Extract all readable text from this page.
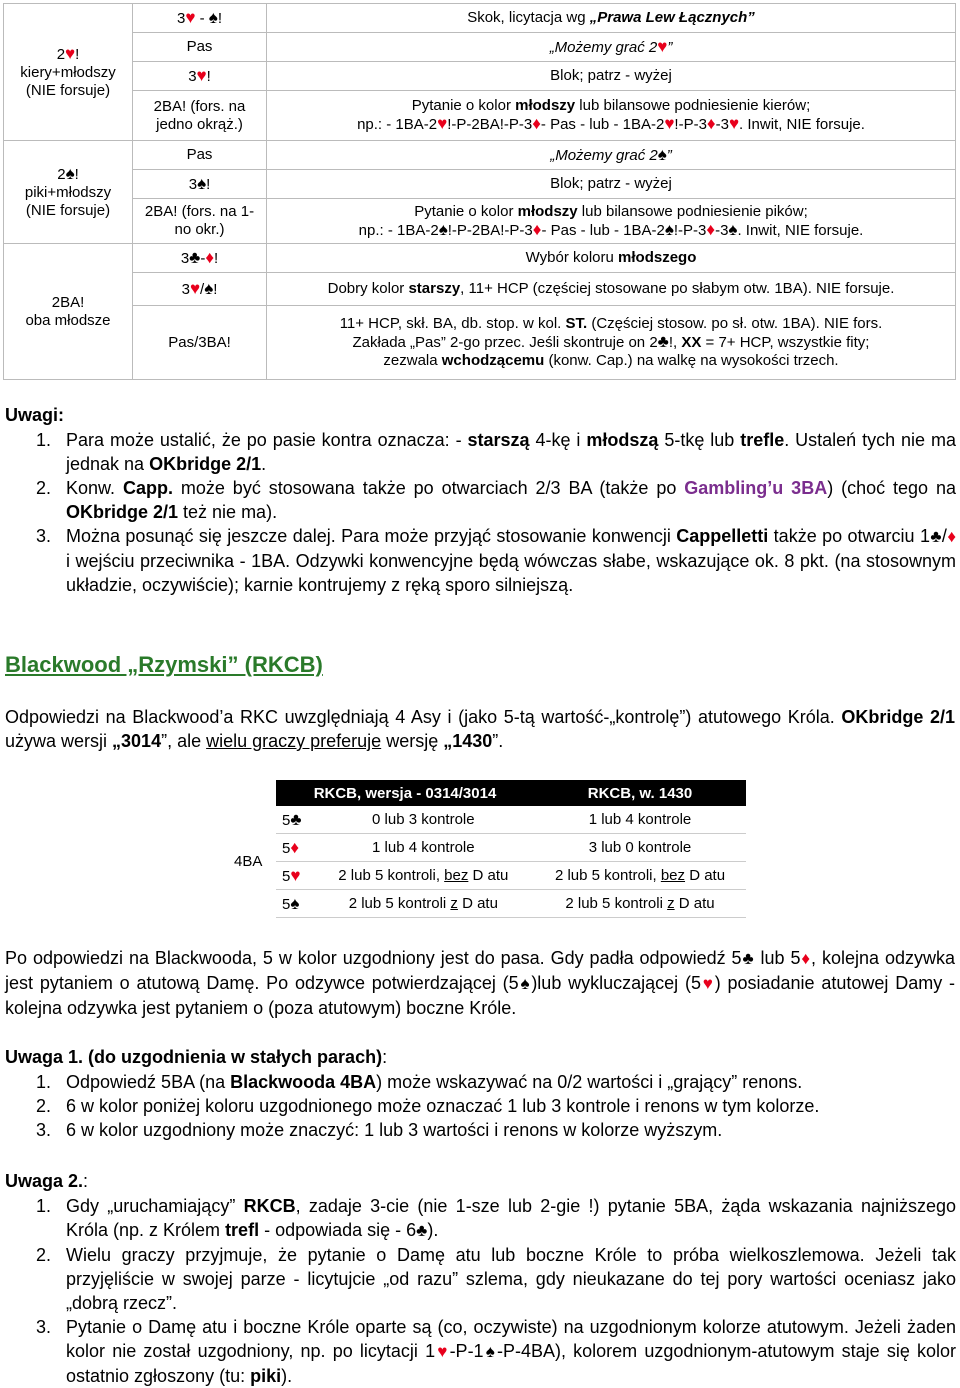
2♥!
kiery+młodszy
(NIE forsuje)	3♥ - ♠!	Skok, licytacja wg „Prawa Lew Łącznych”
	Pas	„Możemy grać 2♥”
	3♥!	Blok; patrz - wyżej
	2BA! (fors. na jedno okrąż.)	Pytanie o kolor młodszy lub bilansowe podniesienie kierów;
np.: - 1BA-2♥!-P-2BA!-P-3♦- Pas - lub - 1BA-2♥!-P-3♦-3♥. Inwit, NIE forsuje.
2♠!
piki+młodszy
(NIE forsuje)	Pas	„Możemy grać 2♠”
	3♠!	Blok; patrz - wyżej
	2BA! (fors. na 1-no okr.)	Pytanie o kolor młodszy lub bilansowe podniesienie pików;
np.: - 1BA-2♠!-P-2BA!-P-3♦- Pas - lub - 1BA-2♠!-P-3♦-3♠. Inwit, NIE forsuje.
2BA!
oba młodsze	3♣-♦!	Wybór koloru młodszego
	3♥/♠!	Dobry kolor starszy, 11+ HCP (częściej stosowane po słabym otw. 1BA). NIE forsuje.
	Pas/3BA!	11+ HCP, skł. BA, db. stop. w kol. ST. (Częściej stosow. po sł. otw. 1BA). NIE fors.
Zakłada „Pas” 2-go przec. Jeśli skontruje on 2♣!, XX = 7+ HCP, wszystkie fity;
zezwala wchodzącemu (konw. Cap.) na walkę na wysokości trzech.
Uwagi:
1. Para może ustalić, że po pasie kontra oznacza: - starszą 4-kę i młodszą 5-tkę lub trefle. Ustaleń tych nie ma jednak na OKbridge 2/1.
2. Konw. Capp. może być stosowana także po otwarciach 2/3 BA (także po Gambling’u 3BA) (choć tego na OKbridge 2/1 też nie ma).
3. Można posunąć się jeszcze dalej. Para może przyjąć stosowanie konwencji Cappelletti także po otwarciu 1♣/♦ i wejściu przeciwnika - 1BA. Odzywki konwencyjne będą wówczas słabe, wskazujące ok. 8 pkt. (na stosownym układzie, oczywiście); karnie kontrujemy z ręką sporo silniejszą.
Blackwood „Rzymski” (RKCB)
Odpowiedzi na Blackwood’a RKC uwzględniają 4 Asy i (jako 5-tą wartość-„kontrolę”) atutowego Króla. OKbridge 2/1 używa wersji „3014”, ale wielu graczy preferuje wersję „1430”.
	RKCB, wersja - 0314/3014		RKCB, w. 1430
4BA	5♣	0 lub 3 kontrole	1 lub 4 kontrole
	5♦	1 lub 4 kontrole	3 lub 0 kontrole
	5♥	2 lub 5 kontroli, bez D atu	2 lub 5 kontroli, bez D atu
	5♠	2 lub 5 kontroli z D atu	2 lub 5 kontroli z D atu
Po odpowiedzi na Blackwooda, 5 w kolor uzgodniony jest do pasa. Gdy padła odpowiedź 5♣ lub 5♦, kolejna odzywka jest pytaniem o atutową Damę. Po odzywce potwierdzającej (5♠)lub wykluczającej (5♥) posiadanie atutowej Damy - kolejna odzywka jest pytaniem o (poza atutowym) boczne Króle.
Uwaga 1. (do uzgodnienia w stałych parach):
1. Odpowiedź 5BA (na Blackwooda 4BA) może wskazywać na 0/2 wartości i „grający” renons.
2. 6 w kolor poniżej koloru uzgodnionego może oznaczać 1 lub 3 kontrole i renons w tym kolorze.
3. 6 w kolor uzgodniony może znaczyć: 1 lub 3 wartości i renons w kolorze wyższym.
Uwaga 2.:
1. Gdy „uruchamiający” RKCB, zadaje 3-cie (nie 1-sze lub 2-gie !) pytanie 5BA, żąda wskazania najniższego Króla (np. z Królem trefl - odpowiada się - 6♣).
2. Wielu graczy przyjmuje, że pytanie o Damę atu lub boczne Króle to próba wielkoszlemowa. Jeżeli tak przyjęliście w swojej parze - licytujcie „od razu” szlema, gdy nieukazane do tej pory wartości oceniasz jako „dobrą rzecz”.
3. Pytanie o Damę atu i boczne Króle oparte są (co, oczywiste) na uzgodnionym kolorze atutowym. Jeżeli żaden kolor nie został uzgodniony, np. po licytacji 1♥-P-1♠-P-4BA), kolorem uzgodnionym-atutowym staje się kolor ostatnio zgłoszony (tu: piki).
